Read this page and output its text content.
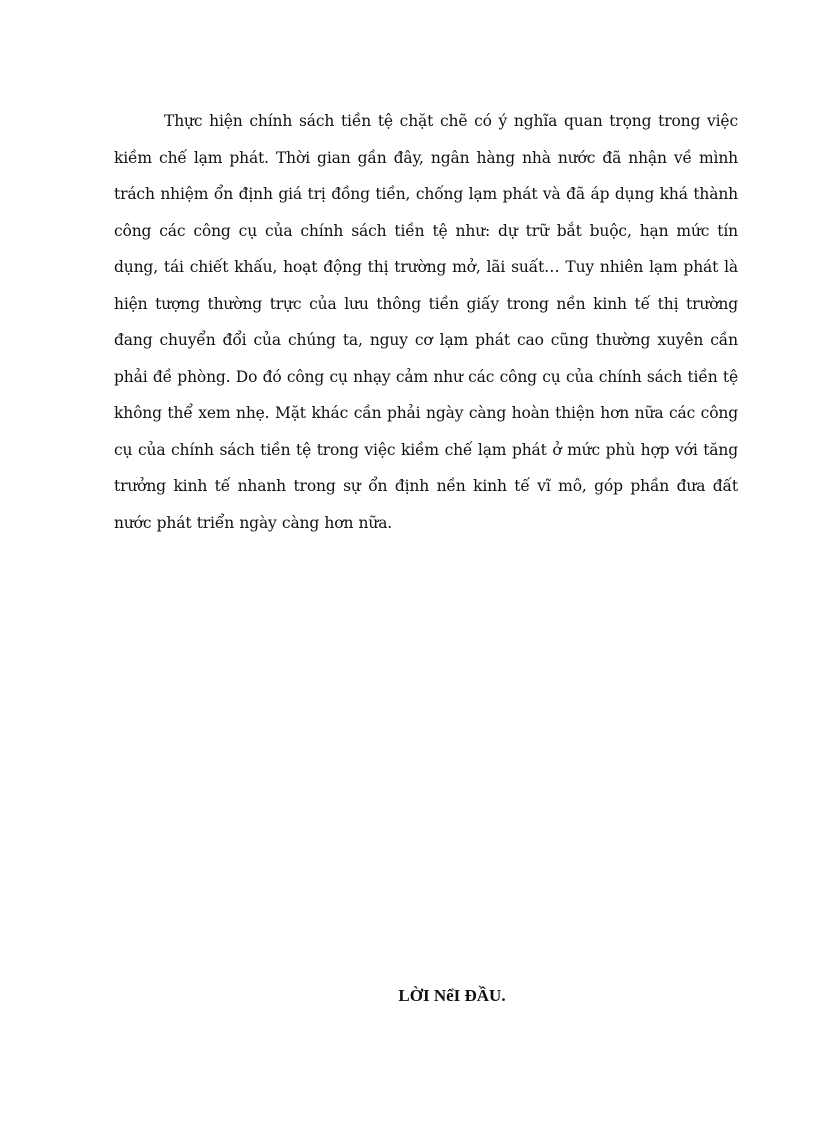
Thực hiện chính sách tiền tệ chặt chẽ có ý nghĩa quan trọng trong việc kiềm chế lạm phát. Thời gian gần đây, ngân hàng nhà nước đã nhận về mình trách nhiệm ổn định giá trị đồng tiền, chống lạm phát và đã áp dụng khá thành công các công cụ của chính sách tiền tệ như: dự trữ bắt buộc, hạn mức tín dụng, tái chiết khấu, hoạt động thị trường mở, lãi suất… Tuy nhiên lạm phát là hiện tượng thường trực của lưu thông tiền giấy trong nền kinh tế thị trường đang chuyển đổi của chúng ta, nguy cơ lạm phát cao cũng thường xuyên cần phải đề phòng. Do đó công cụ nhạy cảm như các công cụ của chính sách tiền tệ không thể xem nhẹ. Mặt khác cần phải ngày càng hoàn thiện hơn nữa các công cụ của chính sách tiền tệ trong việc kiềm chế lạm phát ở mức phù hợp với tăng trưởng kinh tế nhanh trong sự ổn định nền kinh tế vĩ mô, góp phần đưa đất nước phát triển ngày càng hơn nữa.

LỜI NểI ĐẦU.
